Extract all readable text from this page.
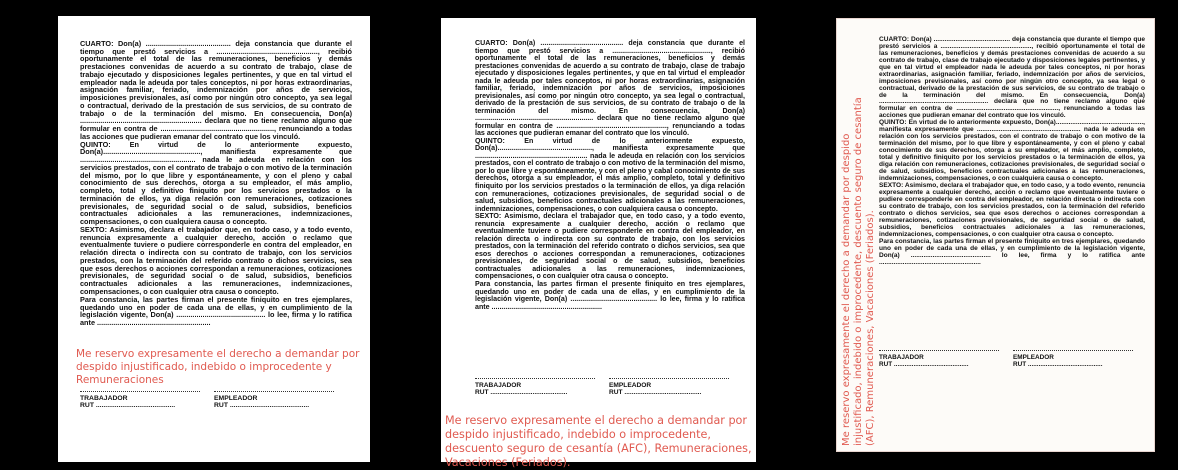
CUARTO: Don(a) .......................................... deja constancia que durante el tiempo que prestó servicios a .................................................., recibió oportunamente el total de las remuneraciones, beneficios y demás prestaciones convenidas de acuerdo a su contrato de trabajo, clase de trabajo ejecutado y disposiciones legales pertinentes, y que en tal virtud el empleador nada le adeuda por tales conceptos, ni por horas extraordinarias, asignación familiar, feriado, indemnización por años de servicios, imposiciones previsionales, así como por ningún otro concepto, ya sea legal o contractual, derivado de la prestación de sus servicios, de su contrato de trabajo o de la terminación del mismo. En consecuencia, Don(a) ............................................................ declara que no tiene reclamo alguno que formular en contra de ........................................................, renunciando a todas las acciones que pudieran emanar del contrato que los vinculó.

QUINTO: En virtud de lo anteriormente expuesto, Don(a)................................................, manifiesta expresamente que ......................................................... nada le adeuda en relación con los servicios prestados, con el contrato de trabajo o con motivo de la terminación del mismo, por lo que libre y espontáneamente, y con el pleno y cabal conocimiento de sus derechos, otorga a su empleador, el más amplio, completo, total y definitivo finiquito por los servicios prestados o la terminación de ellos, ya diga relación con remuneraciones, cotizaciones previsionales, de seguridad social o de salud, subsidios, beneficios contractuales adicionales a las remuneraciones, indemnizaciones, compensaciones, o con cualquiera causa o concepto.

SEXTO: Asimismo, declara el trabajador que, en todo caso, y a todo evento, renuncia expresamente a cualquier derecho, acción o reclamo que eventualmente tuviere o pudiere corresponderle en contra del empleador, en relación directa o indirecta con su contrato de trabajo, con los servicios prestados, con la terminación del referido contrato o dichos servicios, sea que esos derechos o acciones correspondan a remuneraciones, cotizaciones previsionales, de seguridad social o de salud, subsidios, beneficios contractuales adicionales a las remuneraciones, indemnizaciones, compensaciones, o con cualquier otra causa o concepto.

Para constancia, las partes firman el presente finiquito en tres ejemplares, quedando uno en poder de cada una de ellas, y en cumplimiento de la legislación vigente, Don(a) ............................................ lo lee, firma y lo ratifica ante ........................................................

Me reservo expresamente el derecho a demandar por despido injustificado, indebido o improcedente y Remuneraciones
TRABAJADOR
RUT ..........................................
EMPLEADOR
RUT ..........................................

CUARTO: Don(a) .......................................... deja constancia que durante el tiempo que prestó servicios a .................................................., recibió oportunamente el total de las remuneraciones, beneficios y demás prestaciones convenidas de acuerdo a su contrato de trabajo, clase de trabajo ejecutado y disposiciones legales pertinentes, y que en tal virtud el empleador nada le adeuda por tales conceptos, ni por horas extraordinarias, asignación familiar, feriado, indemnización por años de servicios, imposiciones previsionales, así como por ningún otro concepto, ya sea legal o contractual, derivado de la prestación de sus servicios, de su contrato de trabajo o de la terminación del mismo. En consecuencia, Don(a) ............................................................ declara que no tiene reclamo alguno que formular en contra de ........................................................, renunciando a todas las acciones que pudieran emanar del contrato que los vinculó.

QUINTO: En virtud de lo anteriormente expuesto, Don(a)................................................, manifiesta expresamente que ......................................................... nada le adeuda en relación con los servicios prestados, con el contrato de trabajo o con motivo de la terminación del mismo, por lo que libre y espontáneamente, y con el pleno y cabal conocimiento de sus derechos, otorga a su empleador, el más amplio, completo, total y definitivo finiquito por los servicios prestados o la terminación de ellos, ya diga relación con remuneraciones, cotizaciones previsionales, de seguridad social o de salud, subsidios, beneficios contractuales adicionales a las remuneraciones, indemnizaciones, compensaciones, o con cualquiera causa o concepto.

SEXTO: Asimismo, declara el trabajador que, en todo caso, y a todo evento, renuncia expresamente a cualquier derecho, acción o reclamo que eventualmente tuviere o pudiere corresponderle en contra del empleador, en relación directa o indirecta con su contrato de trabajo, con los servicios prestados, con la terminación del referido contrato o dichos servicios, sea que esos derechos o acciones correspondan a remuneraciones, cotizaciones previsionales, de seguridad social o de salud, subsidios, beneficios contractuales adicionales a las remuneraciones, indemnizaciones, compensaciones, o con cualquier otra causa o concepto.

Para constancia, las partes firman el presente finiquito en tres ejemplares, quedando uno en poder de cada una de ellas, y en cumplimiento de la legislación vigente, Don(a) ............................................ lo lee, firma y lo ratifica ante ........................................................

TRABAJADOR
RUT ..........................................
EMPLEADOR
RUT ..........................................
Me reservo expresamente el derecho a demandar por despido injustificado, indebido o improcedente, descuento seguro de cesantía (AFC), Remuneraciones, Vacaciones (Feriados).
Me reservo expresamente el derecho a demandar por despido injustificado, indebido o improcedente, descuento seguro de cesantía (AFC), Remuneraciones, Vacaciones (Feriados).

CUARTO: Don(a) .......................................... deja constancia que durante el tiempo que prestó servicios a .................................................., recibió oportunamente el total de las remuneraciones, beneficios y demás prestaciones convenidas de acuerdo a su contrato de trabajo, clase de trabajo ejecutado y disposiciones legales pertinentes, y que en tal virtud el empleador nada le adeuda por tales conceptos, ni por horas extraordinarias, asignación familiar, feriado, indemnización por años de servicios, imposiciones previsionales, así como por ningún otro concepto, ya sea legal o contractual, derivado de la prestación de sus servicios, de su contrato de trabajo o de la terminación del mismo. En consecuencia, Don(a) ............................................................ declara que no tiene reclamo alguno que formular en contra de ........................................................, renunciando a todas las acciones que pudieran emanar del contrato que los vinculó.

QUINTO: En virtud de lo anteriormente expuesto, Don(a)................................................, manifiesta expresamente que ......................................................... nada le adeuda en relación con los servicios prestados, con el contrato de trabajo o con motivo de la terminación del mismo, por lo que libre y espontáneamente, y con el pleno y cabal conocimiento de sus derechos, otorga a su empleador, el más amplio, completo, total y definitivo finiquito por los servicios prestados o la terminación de ellos, ya diga relación con remuneraciones, cotizaciones previsionales, de seguridad social o de salud, subsidios, beneficios contractuales adicionales a las remuneraciones, indemnizaciones, compensaciones, o con cualquiera causa o concepto.

SEXTO: Asimismo, declara el trabajador que, en todo caso, y a todo evento, renuncia expresamente a cualquier derecho, acción o reclamo que eventualmente tuviere o pudiere corresponderle en contra del empleador, en relación directa o indirecta con su contrato de trabajo, con los servicios prestados, con la terminación del referido contrato o dichos servicios, sea que esos derechos o acciones correspondan a remuneraciones, cotizaciones previsionales, de seguridad social o de salud, subsidios, beneficios contractuales adicionales a las remuneraciones, indemnizaciones, compensaciones, o con cualquier otra causa o concepto.

Para constancia, las partes firman el presente finiquito en tres ejemplares, quedando uno en poder de cada una de ellas, y en cumplimiento de la legislación vigente, Don(a) ............................................ lo lee, firma y lo ratifica ante ........................................................

TRABAJADOR
RUT ..........................................
EMPLEADOR
RUT ..........................................
